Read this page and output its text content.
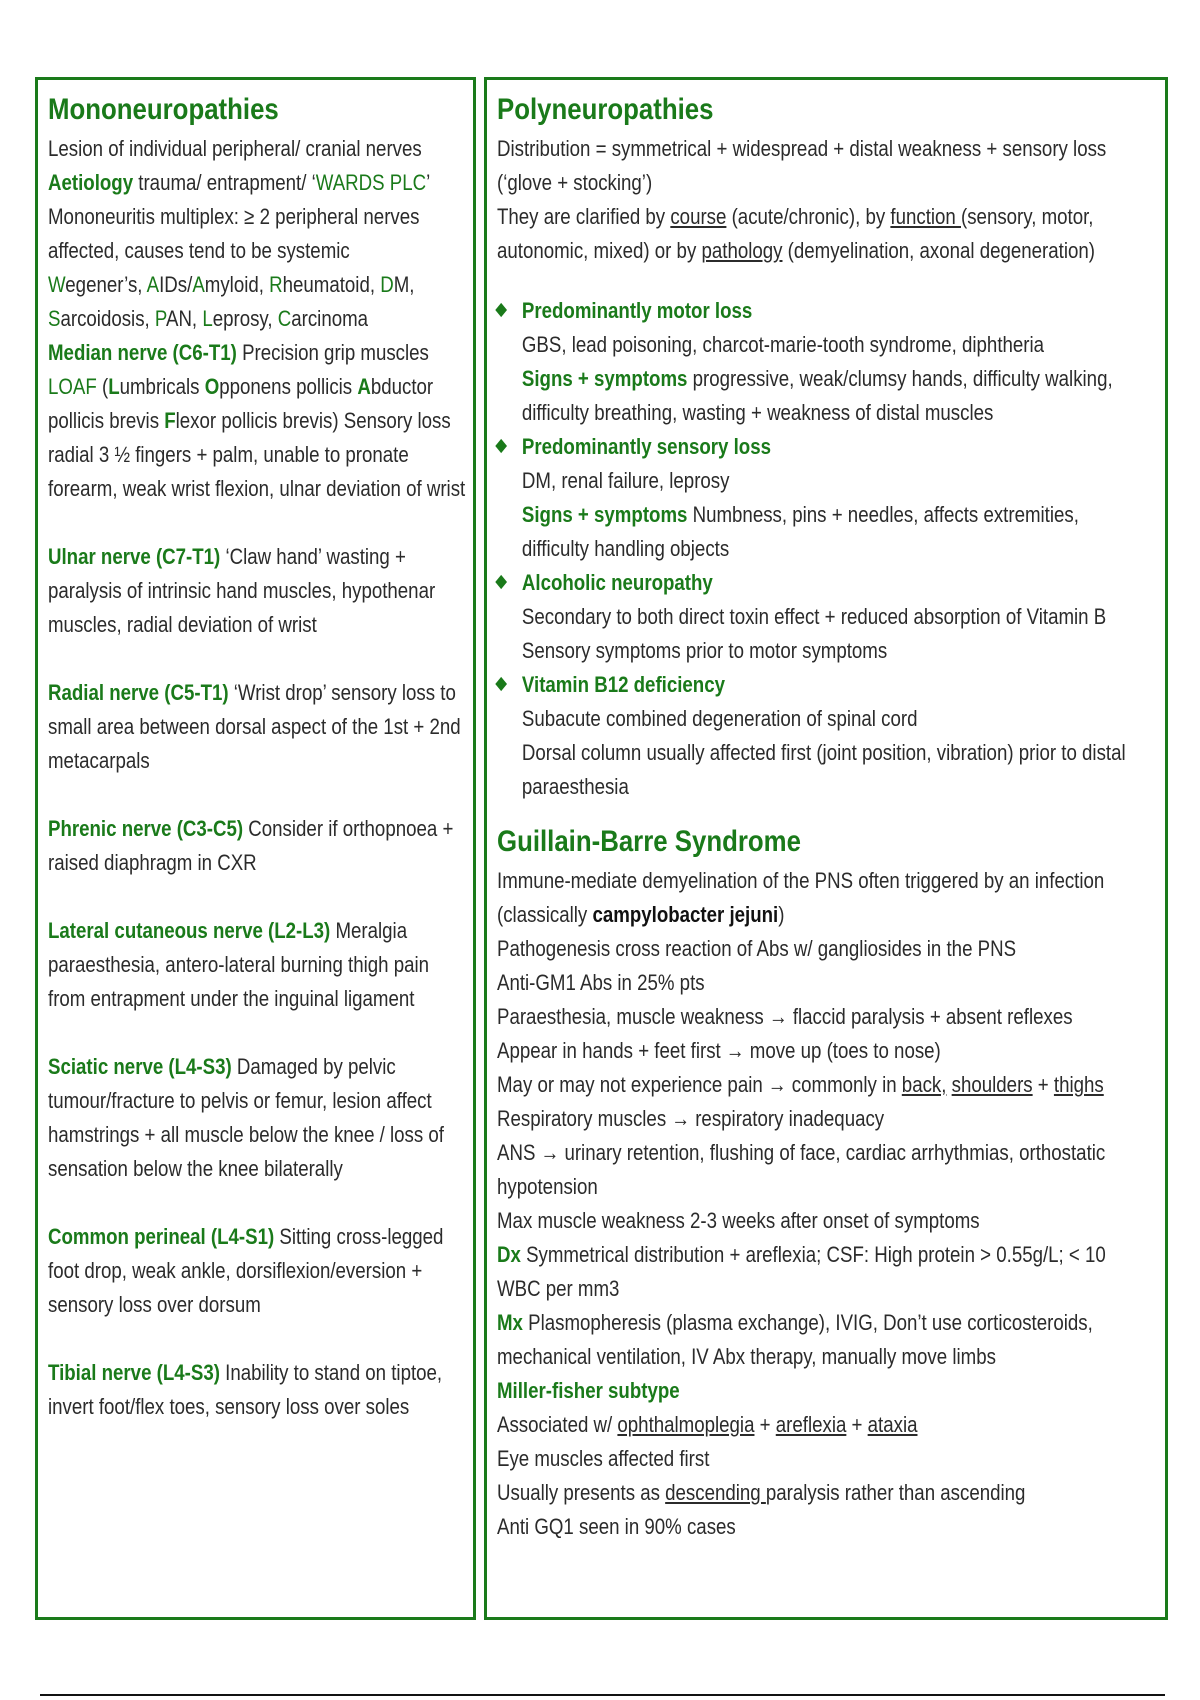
Mononeuropathies
Lesion of individual peripheral/ cranial nerves
Aetiology trauma/ entrapment/ ‘WARDS PLC’
Mononeuritis multiplex: ≥ 2 peripheral nerves affected, causes tend to be systemic
Wegener’s, AIDs/Amyloid, Rheumatoid, DM, Sarcoidosis, PAN, Leprosy, Carcinoma
Median nerve (C6-T1) Precision grip muscles LOAF (Lumbricals Opponens pollicis Abductor pollicis brevis Flexor pollicis brevis) Sensory loss radial 3 ½ fingers + palm, unable to pronate forearm, weak wrist flexion, ulnar deviation of wrist
Ulnar nerve (C7-T1) ‘Claw hand’ wasting + paralysis of intrinsic hand muscles, hypothenar muscles, radial deviation of wrist
Radial nerve (C5-T1) ‘Wrist drop’ sensory loss to small area between dorsal aspect of the 1st + 2nd metacarpals
Phrenic nerve (C3-C5) Consider if orthopnoea + raised diaphragm in CXR
Lateral cutaneous nerve (L2-L3) Meralgia paraesthesia, antero-lateral burning thigh pain from entrapment under the inguinal ligament
Sciatic nerve (L4-S3) Damaged by pelvic tumour/fracture to pelvis or femur, lesion affect hamstrings + all muscle below the knee / loss of sensation below the knee bilaterally
Common perineal (L4-S1) Sitting cross-legged foot drop, weak ankle, dorsiflexion/eversion + sensory loss over dorsum
Tibial nerve (L4-S3) Inability to stand on tiptoe, invert foot/flex toes, sensory loss over soles
Polyneuropathies
Distribution = symmetrical + widespread + distal weakness + sensory loss (‘glove + stocking’)
They are clarified by course (acute/chronic), by function (sensory, motor, autonomic, mixed) or by pathology (demyelination, axonal degeneration)
Predominantly motor loss
GBS, lead poisoning, charcot-marie-tooth syndrome, diphtheria
Signs + symptoms progressive, weak/clumsy hands, difficulty walking, difficulty breathing, wasting + weakness of distal muscles
Predominantly sensory loss
DM, renal failure, leprosy
Signs + symptoms Numbness, pins + needles, affects extremities, difficulty handling objects
Alcoholic neuropathy
Secondary to both direct toxin effect + reduced absorption of Vitamin B
Sensory symptoms prior to motor symptoms
Vitamin B12 deficiency
Subacute combined degeneration of spinal cord
Dorsal column usually affected first (joint position, vibration) prior to distal paraesthesia
Guillain-Barre Syndrome
Immune-mediate demyelination of the PNS often triggered by an infection (classically campylobacter jejuni)
Pathogenesis cross reaction of Abs w/ gangliosides in the PNS
Anti-GM1 Abs in 25% pts
Paraesthesia, muscle weakness → flaccid paralysis + absent reflexes
Appear in hands + feet first → move up (toes to nose)
May or may not experience pain → commonly in back, shoulders + thighs
Respiratory muscles → respiratory inadequacy
ANS → urinary retention, flushing of face, cardiac arrhythmias, orthostatic hypotension
Max muscle weakness 2-3 weeks after onset of symptoms
Dx Symmetrical distribution + areflexia; CSF: High protein > 0.55g/L; < 10 WBC per mm3
Mx Plasmopheresis (plasma exchange), IVIG, Don’t use corticosteroids, mechanical ventilation, IV Abx therapy, manually move limbs
Miller-fisher subtype
Associated w/ ophthalmoplegia + areflexia + ataxia
Eye muscles affected first
Usually presents as descending paralysis rather than ascending
Anti GQ1 seen in 90% cases
